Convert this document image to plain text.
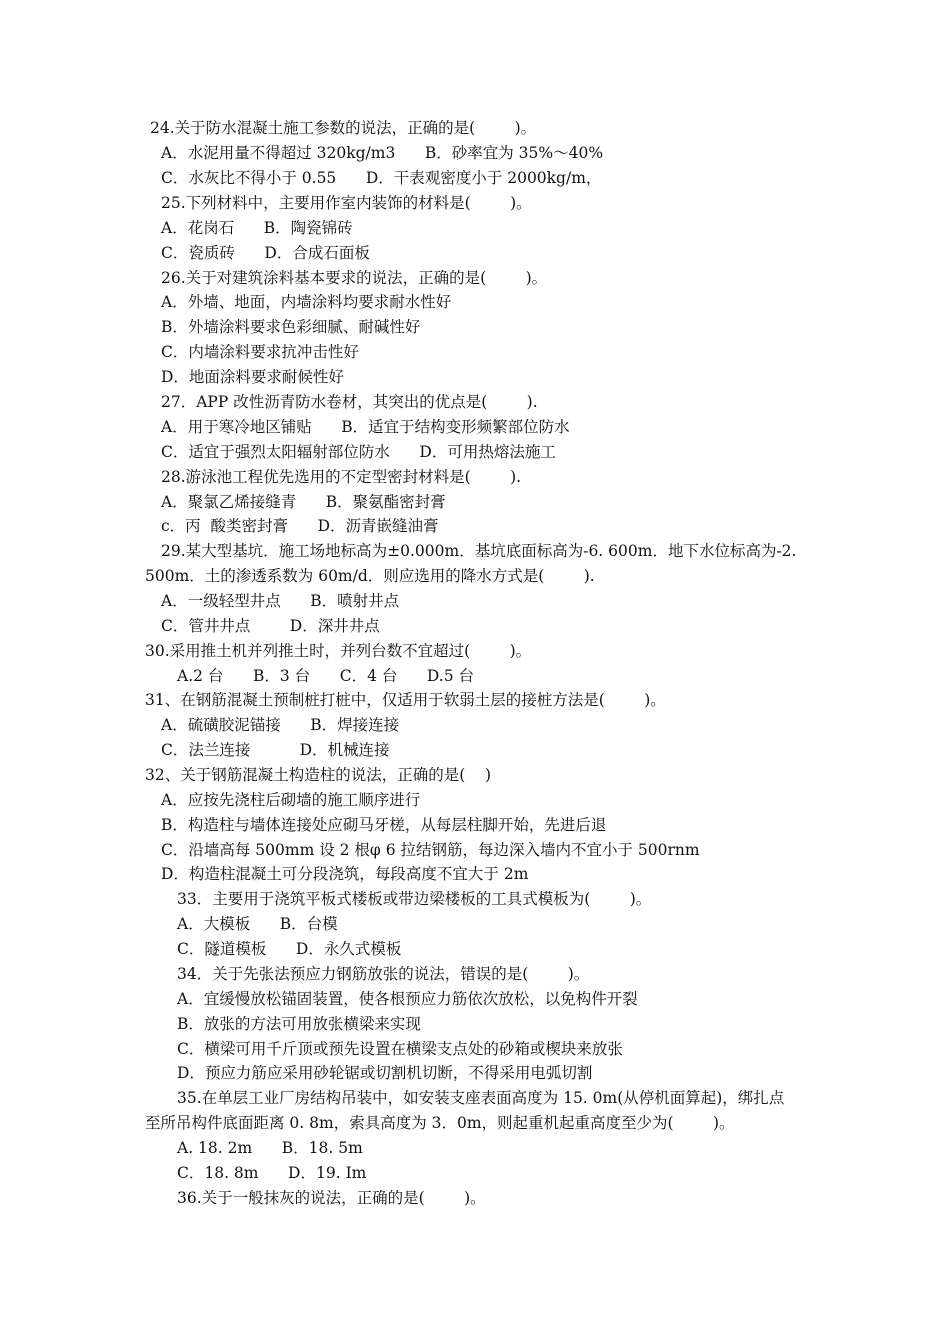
24.关于防水混凝土施工参数的说法，正确的是(        )。
A．水泥用量不得超过 320kg/m3      B．砂率宜为 35%～40%
C．水灰比不得小于 0.55      D．干表观密度小于 2000kg/m，
25.下列材料中，主要用作室内装饰的材料是(        )。
A．花岗石      B．陶瓷锦砖
C．瓷质砖      D．合成石面板
26.关于对建筑涂料基本要求的说法，正确的是(        )。
A．外墙、地面，内墙涂料均要求耐水性好
B．外墙涂料要求色彩细腻、耐碱性好
C．内墙涂料要求抗冲击性好
D．地面涂料要求耐候性好
27．APP 改性沥青防水卷材，其突出的优点是(        ).
A．用于寒冷地区铺贴      B．适宜于结构变形频繁部位防水
C．适宜于强烈太阳辐射部位防水      D．可用热熔法施工
28.游泳池工程优先选用的不定型密封材料是(        ).
A．聚氯乙烯接缝青      B．聚氨酯密封膏
c．丙  酸类密封膏      D．沥青嵌缝油膏
29.某大型基坑．施工场地标高为±0.000m．基坑底面标高为-6. 600m．地下水位标高为-2.
500m．土的渗透系数为 60m/d．则应选用的降水方式是(        ).
A．一级轻型井点      B．喷射井点
C．管井井点        D．深井井点
30.采用推土机并列推土时，并列台数不宜超过(        )。
A.2 台      B．3 台      C．4 台      D.5 台
31、在钢筋混凝土预制桩打桩中，仅适用于软弱土层的接桩方法是(        )。
A．硫磺胶泥锚接      B．焊接连接
C．法兰连接          D．机械连接
32、关于钢筋混凝土构造柱的说法，正确的是(    )
A．应按先浇柱后砌墙的施工顺序进行
B．构造柱与墙体连接处应砌马牙槎，从每层柱脚开始，先进后退
C．沿墙高每 500mm 设 2 根φ 6 拉结钢筋，每边深入墙内不宜小于 500rnm
D．构造柱混凝土可分段浇筑，每段高度不宜大于 2m
33．主要用于浇筑平板式楼板或带边梁楼板的工具式模板为(        )。
A．大模板      B．台模
C．隧道模板      D．永久式模板
34．关于先张法预应力钢筋放张的说法，错误的是(        )。
A．宜缓慢放松锚固装置，使各根预应力筋依次放松，以免构件开裂
B．放张的方法可用放张横梁来实现
C．横梁可用千斤顶或预先设置在横梁支点处的砂箱或楔块来放张
D．预应力筋应采用砂轮锯或切割机切断，不得采用电弧切割
35.在单层工业厂房结构吊装中，如安装支座表面高度为 15. 0m(从停机面算起)，绑扎点
至所吊构件底面距离 0. 8m，索具高度为 3．0m，则起重机起重高度至少为(        )。
A. 18. 2m      B．18. 5m
C．18. 8m      D．19. Im
36.关于一般抹灰的说法，正确的是(        )。
